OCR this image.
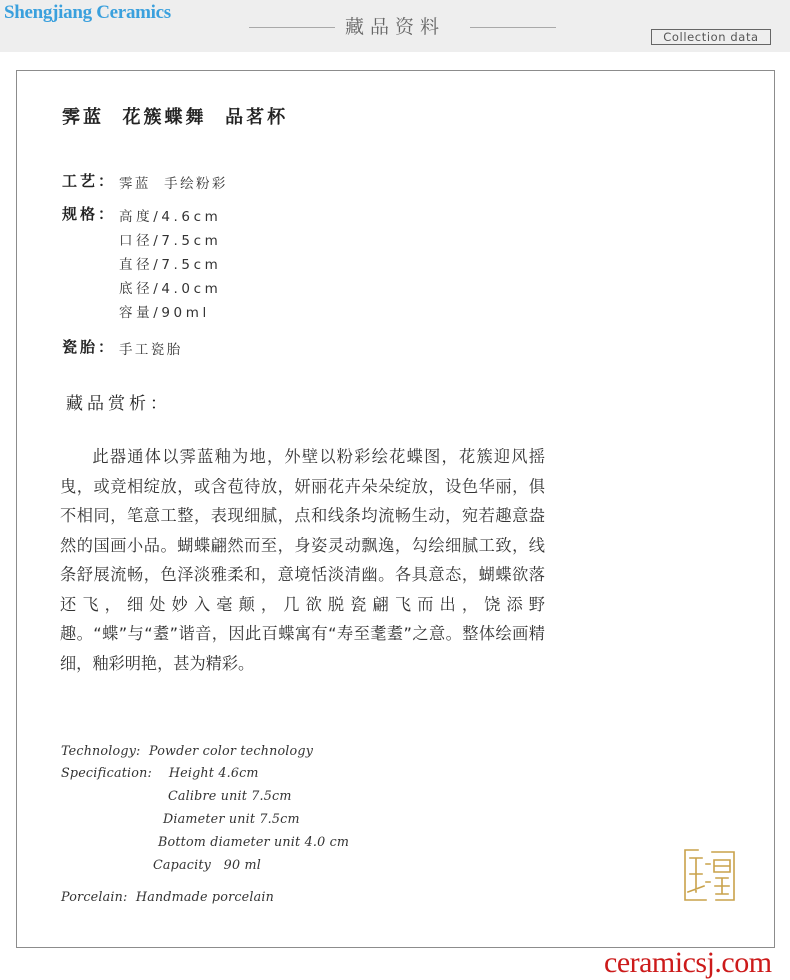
Shengjiang Ceramics
藏品资料	Collection data
霁蓝  花簇蝶舞  品茗杯
工艺： 霁蓝  手绘粉彩
规格： 高度/4.6cm
口径/7.5cm
直径/7.5cm
底径/4.0cm
容量/90ml
瓷胎： 手工瓷胎
藏品赏析：

此器通体以霁蓝釉为地，外壁以粉彩绘花蝶图，花簇迎风摇曳，或竞相绽放，或含苞待放，妍丽花卉朵朵绽放，设色华丽，俱不相同，笔意工整，表现细腻，点和线条均流畅生动，宛若趣意盎然的国画小品。蝴蝶翩然而至，身姿灵动飘逸，勾绘细腻工致，线条舒展流畅，色泽淡雅柔和，意境恬淡清幽。各具意态，蝴蝶欲落还飞，细处妙入毫颠，几欲脱瓷翩飞而出，饶添野趣。“蝶”与“耋”谐音，因此百蝶寓有“寿至耄耋”之意。整体绘画精细，釉彩明艳，甚为精彩。

Technology:  Powder color technology
Specification:    Height 4.6cm
Calibre unit 7.5cm
Diameter unit 7.5cm
Bottom diameter unit 4.0 cm
Capacity   90 ml
Porcelain:  Handmade porcelain
ceramicsj.com
